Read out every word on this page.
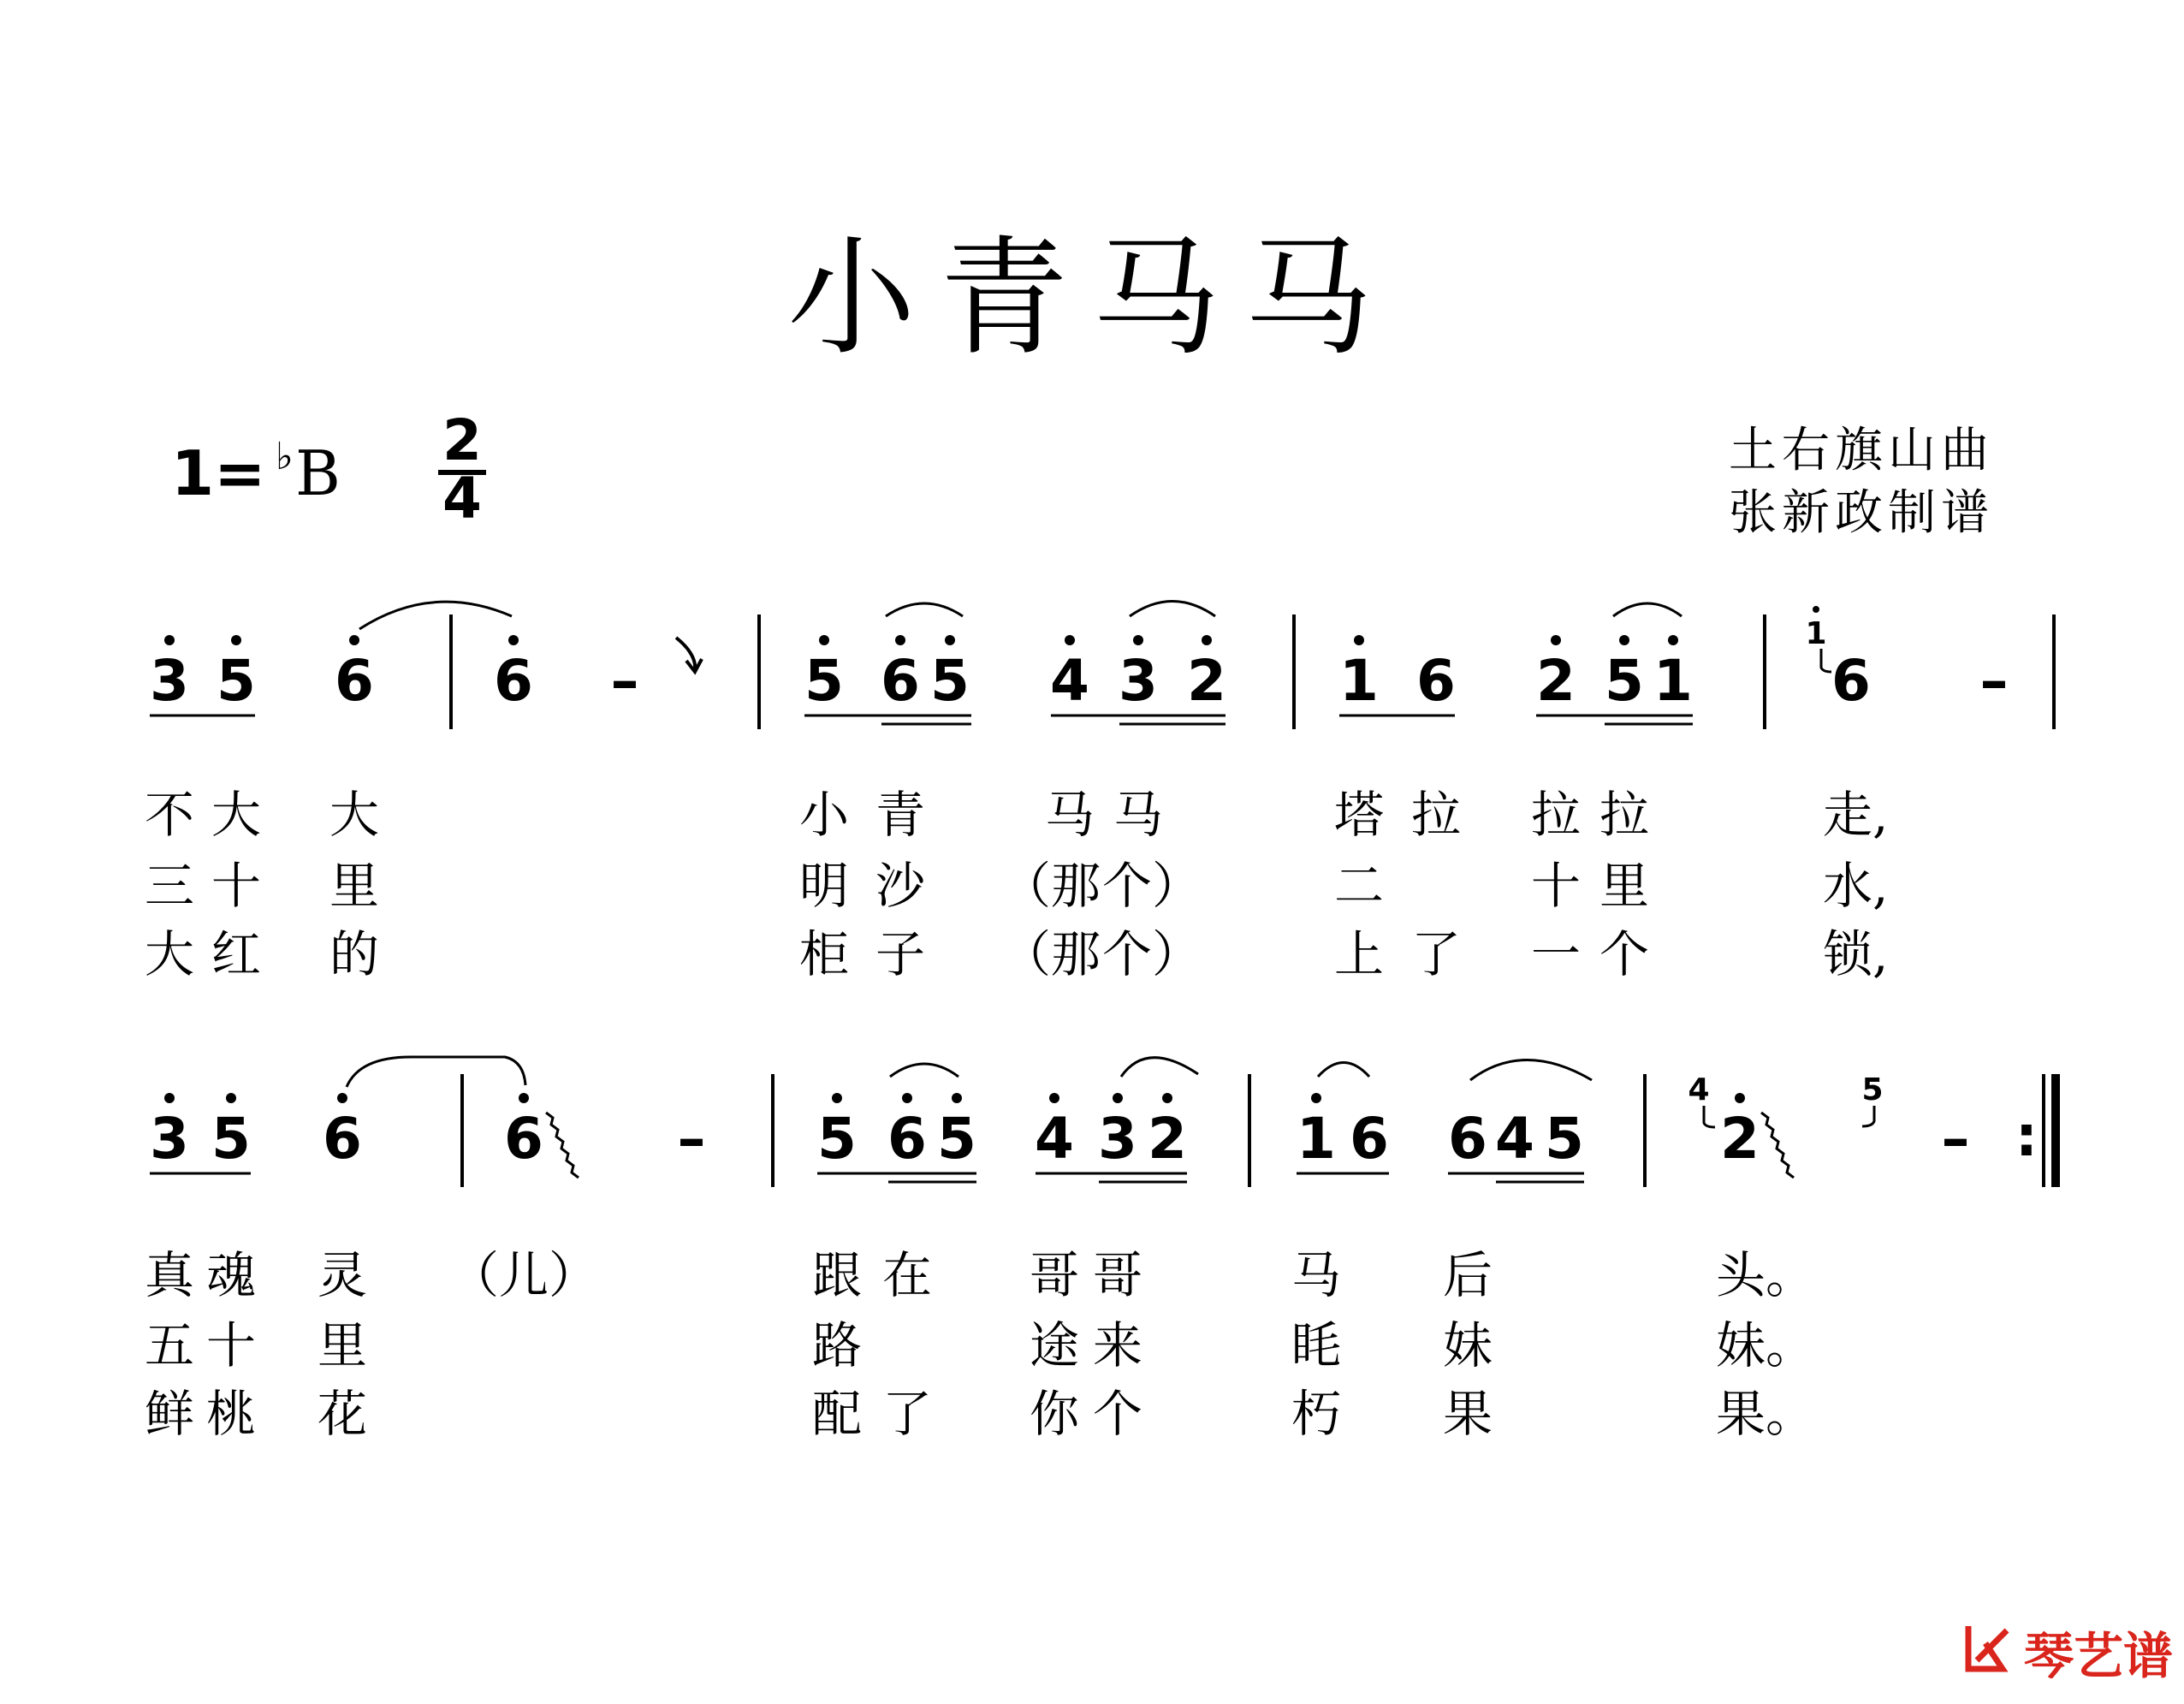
小青马马
土右旗山曲
张新政制谱
1= ♭ B 2
4
3 5 6 6 –	5 6 5 4 3 2 1 6 2 5 1
1
6 –
不 大 大	小 青 马 马	塔 拉 拉 拉	走,
三 十 里	明 沙 （那 个）	二	十 里	水,
大 红 的	柜 子 （那 个）	上 了 一 个	锁,
3 5 6	6 – 5 6 5 4 3 2 1 6 6 4 5
4
2
5
– :
真 魂 灵 （儿）	跟 在 哥 哥	马 后	头。
五 十 里	路	途 来	眊 妹	妹。
鲜 桃 花	配 了 你 个	朽 果	果。
琴艺谱
